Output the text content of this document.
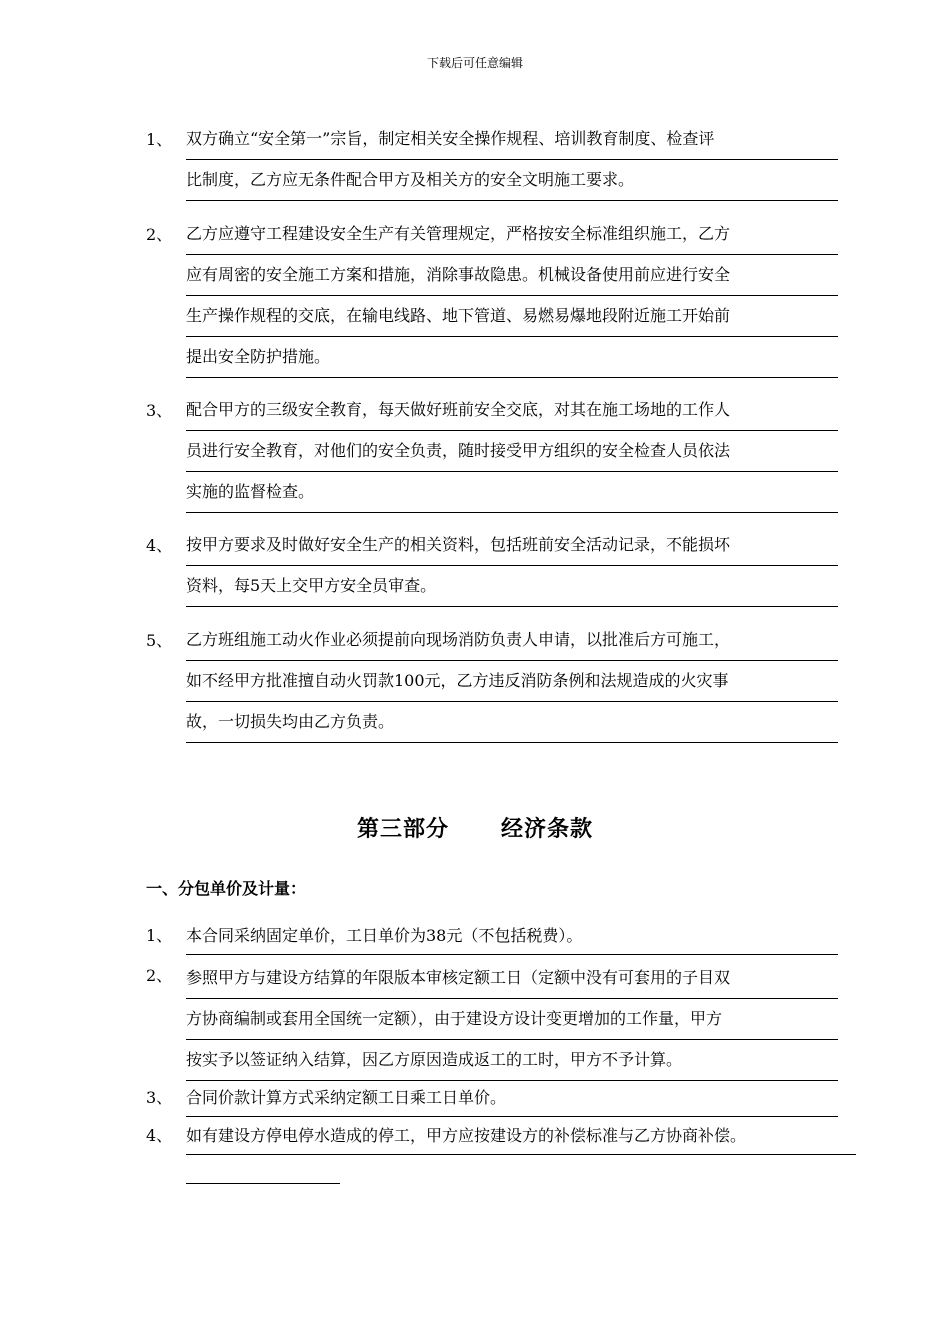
下载后可任意编辑
1、 双方确立“安全第一”宗旨，制定相关安全操作规程、培训教育制度、检查评
比制度，乙方应无条件配合甲方及相关方的安全文明施工要求。
2、 乙方应遵守工程建设安全生产有关管理规定，严格按安全标准组织施工，乙方
应有周密的安全施工方案和措施，消除事故隐患。机械设备使用前应进行安全
生产操作规程的交底，在输电线路、地下管道、易燃易爆地段附近施工开始前
提出安全防护措施。
3、 配合甲方的三级安全教育，每天做好班前安全交底，对其在施工场地的工作人
员进行安全教育，对他们的安全负责，随时接受甲方组织的安全检查人员依法
实施的监督检查。
4、 按甲方要求及时做好安全生产的相关资料，包括班前安全活动记录，不能损坏
资料，每5天上交甲方安全员审查。
5、 乙方班组施工动火作业必须提前向现场消防负责人申请，以批准后方可施工，
如不经甲方批准擅自动火罚款100元，乙方违反消防条例和法规造成的火灾事
故，一切损失均由乙方负责。
第三部分 经济条款
一、分包单价及计量：
1、 本合同采纳固定单价，工日单价为38元（不包括税费）。
2、 参照甲方与建设方结算的年限版本审核定额工日（定额中没有可套用的子目双
方协商编制或套用全国统一定额），由于建设方设计变更增加的工作量，甲方
按实予以签证纳入结算，因乙方原因造成返工的工时，甲方不予计算。
3、 合同价款计算方式采纳定额工日乘工日单价。
4、 如有建设方停电停水造成的停工，甲方应按建设方的补偿标准与乙方协商补偿。
